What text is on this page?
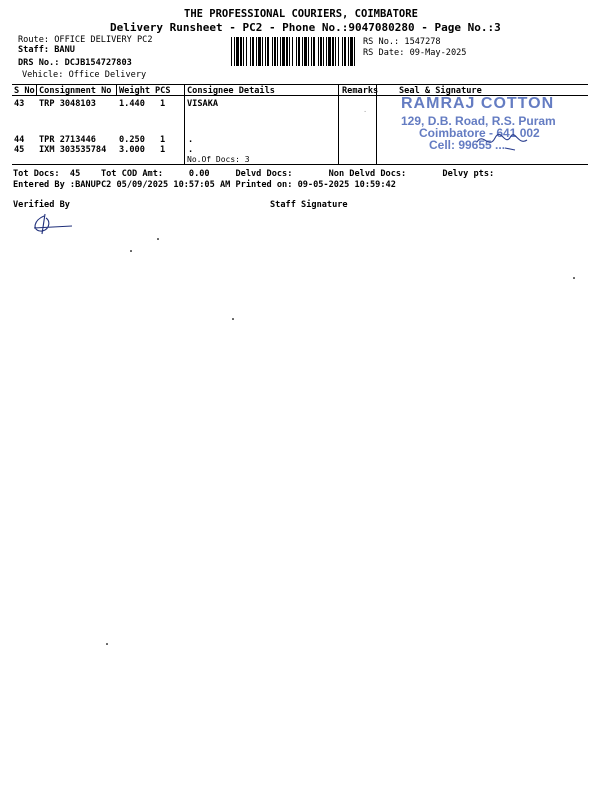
THE PROFESSIONAL COURIERS, COIMBATORE
Delivery Runsheet - PC2 - Phone No.:9047080280 - Page No.:3
Route: OFFICE DELIVERY PC2
Staff: BANU
DRS No.: DCJB154727803
Vehicle: Office Delivery
RS No.: 1547278
RS Date: 09-May-2025
S No Consignment No Weight PCS Consignee Details	Remarks Seal & Signature
43 TRP 3048103	1.440 1	VISAKA
44 TPR 2713446	0.250 1	.
45 IXM 303535784 3.000 1	.
No.Of Docs: 3
RAMRAJ COTTON
129, D.B. Road, R.S. Puram
Coimbatore - 641 002
Cell: 99655 ...
.
Tot Docs:  45    Tot COD Amt:     0.00     Delvd Docs:       Non Delvd Docs:       Delvy pts:
Entered By :BANUPC2 05/09/2025 10:57:05 AM Printed on: 09-05-2025 10:59:42
Verified By	Staff Signature
